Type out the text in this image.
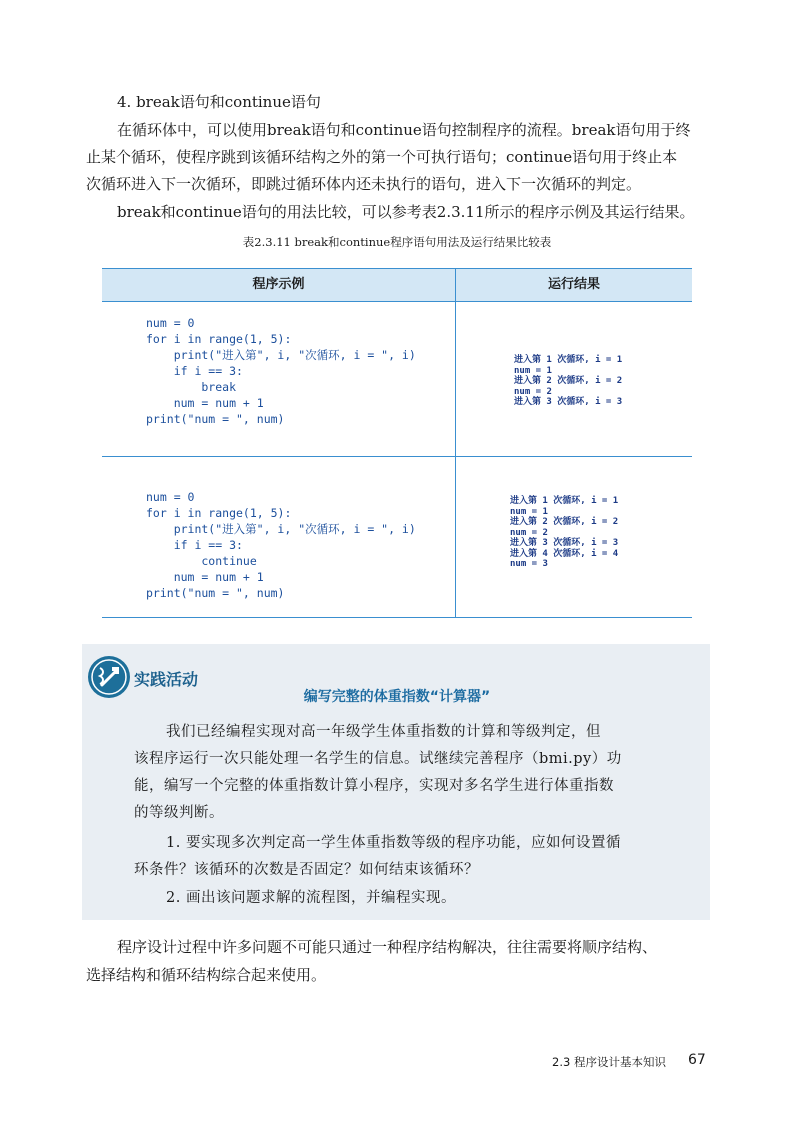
4. break语句和continue语句
在循环体中，可以使用break语句和continue语句控制程序的流程。break语句用于终
止某个循环，使程序跳到该循环结构之外的第一个可执行语句；continue语句用于终止本
次循环进入下一次循环，即跳过循环体内还未执行的语句，进入下一次循环的判定。
break和continue语句的用法比较，可以参考表2.3.11所示的程序示例及其运行结果。
表2.3.11 break和continue程序语句用法及运行结果比较表
程序示例	运行结果
num = 0
for i in range(1, 5):
print("进入第", i, "次循环, i = ", i)
if i == 3:
break
num = num + 1
print("num = ", num)
进入第 1 次循环, i = 1
num = 1
进入第 2 次循环, i = 2
num = 2
进入第 3 次循环, i = 3
num = 0
for i in range(1, 5):
print("进入第", i, "次循环, i = ", i)
if i == 3:
continue
num = num + 1
print("num = ", num)
进入第 1 次循环, i = 1
num = 1
进入第 2 次循环, i = 2
num = 2
进入第 3 次循环, i = 3
进入第 4 次循环, i = 4
num = 3
实践活动
编写完整的体重指数“计算器”
我们已经编程实现对高一年级学生体重指数的计算和等级判定，但
该程序运行一次只能处理一名学生的信息。试继续完善程序（bmi.py）功
能，编写一个完整的体重指数计算小程序，实现对多名学生进行体重指数
的等级判断。
1. 要实现多次判定高一学生体重指数等级的程序功能，应如何设置循
环条件？该循环的次数是否固定？如何结束该循环？
2. 画出该问题求解的流程图，并编程实现。
程序设计过程中许多问题不可能只通过一种程序结构解决，往往需要将顺序结构、
选择结构和循环结构综合起来使用。
2.3 程序设计基本知识 67
